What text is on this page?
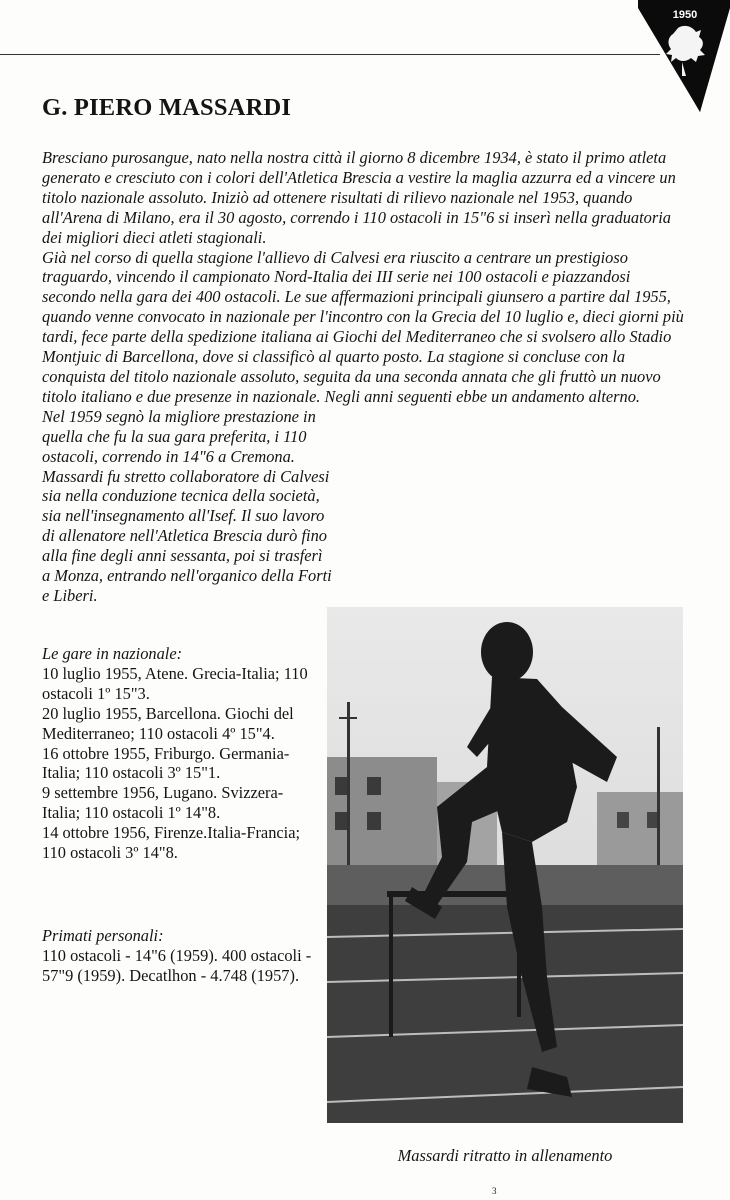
1950
G. PIERO MASSARDI

Bresciano purosangue, nato nella nostra città il giorno 8 dicembre 1934, è stato il primo atleta generato e cresciuto con i colori dell'Atletica Brescia a vestire la maglia azzurra ed a vincere un titolo nazionale assoluto. Iniziò ad ottenere risultati di rilievo nazionale nel 1953, quando all'Arena di Milano, era il 30 agosto, correndo i 110 ostacoli in 15"6 si inserì nella graduatoria dei migliori dieci atleti stagionali.

Già nel corso di quella stagione l'allievo di Calvesi era riuscito a centrare un prestigioso traguardo, vincendo il campionato Nord-Italia dei III serie nei 100 ostacoli e piazzandosi secondo nella gara dei 400 ostacoli. Le sue affermazioni principali giunsero a partire dal 1955, quando venne convocato in nazionale per l'incontro con la Grecia del 10 luglio e, dieci giorni più tardi, fece parte della spedizione italiana ai Giochi del Mediterraneo che si svolsero allo Stadio Montjuic di Barcellona, dove si classificò al quarto posto. La stagione si concluse con la conquista del titolo nazionale assoluto, seguita da una seconda annata che gli fruttò un nuovo titolo italiano e due presenze in nazionale. Negli anni seguenti ebbe un andamento alterno.

Nel 1959 segnò la migliore prestazione in quella che fu la sua gara preferita, i 110 ostacoli, correndo in 14"6 a Cremona. Massardi fu stretto collaboratore di Calvesi sia nella conduzione tecnica della società, sia nell'insegnamento all'Isef. Il suo lavoro di allenatore nell'Atletica Brescia durò fino alla fine degli anni sessanta, poi si trasferì a Monza, entrando nell'organico della Forti e Liberi.

Le gare in nazionale:

10 luglio 1955, Atene. Grecia-Italia; 110 ostacoli 1º 15"3.

20 luglio 1955, Barcellona. Giochi del Mediterraneo; 110 ostacoli 4º 15"4.

16 ottobre 1955, Friburgo. Germania-Italia; 110 ostacoli 3º 15"1.

9 settembre 1956, Lugano. Svizzera-Italia; 110 ostacoli 1º 14"8.

14 ottobre 1956, Firenze.Italia-Francia; 110 ostacoli 3º 14"8.

Primati personali:

110 ostacoli - 14"6 (1959). 400 ostacoli - 57"9 (1959). Decatlhon - 4.748 (1957).

Massardi ritratto in allenamento
3
